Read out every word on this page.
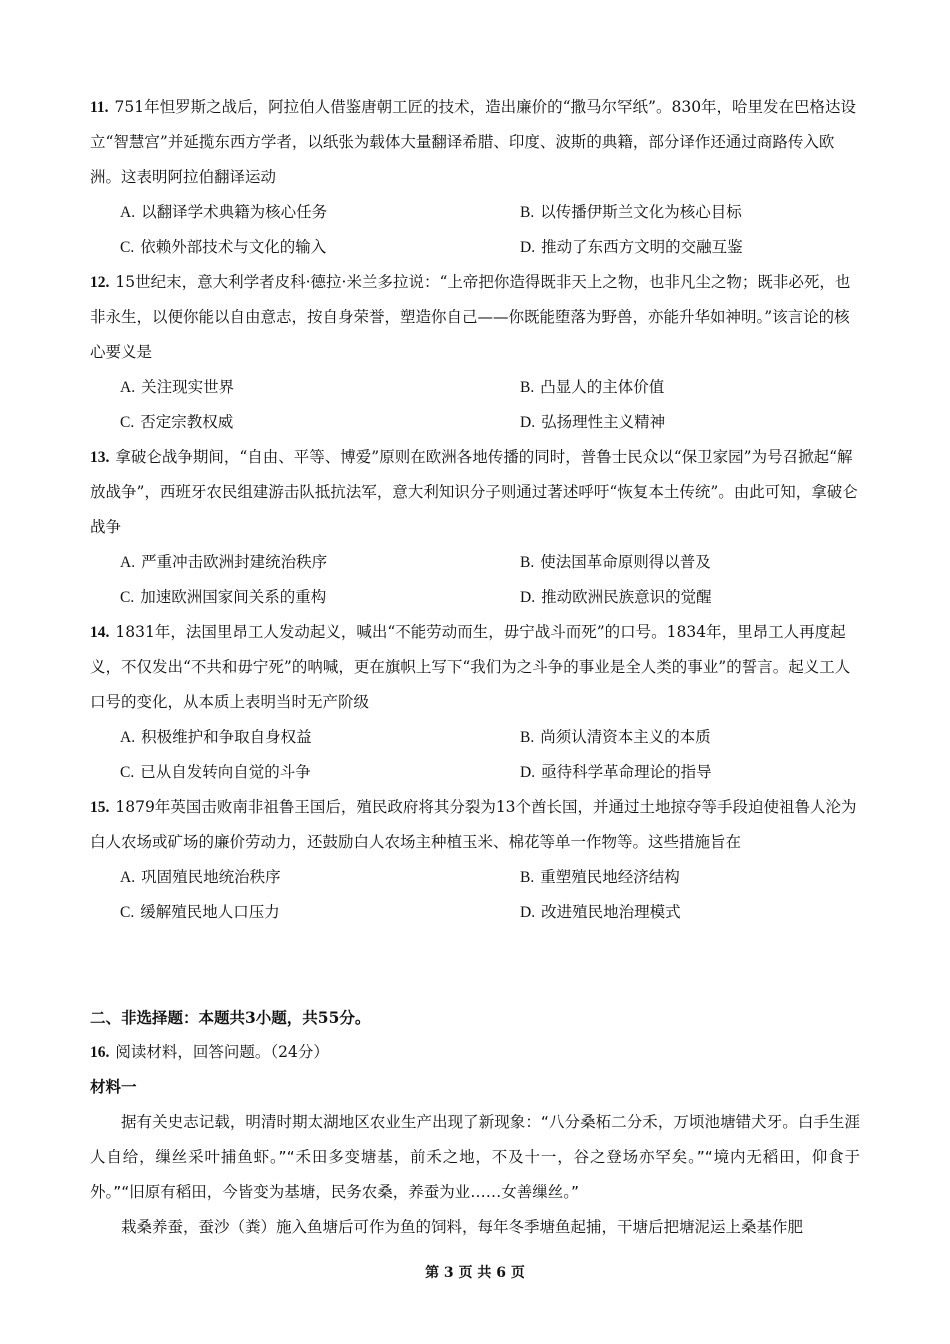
11. 751年怛罗斯之战后，阿拉伯人借鉴唐朝工匠的技术，造出廉价的“撒马尔罕纸”。830年，哈里发在巴格达设立“智慧宫”并延揽东西方学者，以纸张为载体大量翻译希腊、印度、波斯的典籍，部分译作还通过商路传入欧洲。这表明阿拉伯翻译运动

A. 以翻译学术典籍为核心任务	B. 以传播伊斯兰文化为核心目标
C. 依赖外部技术与文化的输入	D. 推动了东西方文明的交融互鉴

12. 15世纪末，意大利学者皮科·德拉·米兰多拉说：“上帝把你造得既非天上之物，也非凡尘之物；既非必死，也非永生，以便你能以自由意志，按自身荣誉，塑造你自己——你既能堕落为野兽，亦能升华如神明。”该言论的核心要义是

A. 关注现实世界	B. 凸显人的主体价值
C. 否定宗教权威	D. 弘扬理性主义精神

13. 拿破仑战争期间，“自由、平等、博爱”原则在欧洲各地传播的同时，普鲁士民众以“保卫家园”为号召掀起“解放战争”，西班牙农民组建游击队抵抗法军，意大利知识分子则通过著述呼吁“恢复本土传统”。由此可知，拿破仑战争

A. 严重冲击欧洲封建统治秩序	B. 使法国革命原则得以普及
C. 加速欧洲国家间关系的重构	D. 推动欧洲民族意识的觉醒

14. 1831年，法国里昂工人发动起义，喊出“不能劳动而生，毋宁战斗而死”的口号。1834年，里昂工人再度起义，不仅发出“不共和毋宁死”的呐喊，更在旗帜上写下“我们为之斗争的事业是全人类的事业”的誓言。起义工人口号的变化，从本质上表明当时无产阶级

A. 积极维护和争取自身权益	B. 尚须认清资本主义的本质
C. 已从自发转向自觉的斗争	D. 亟待科学革命理论的指导

15. 1879年英国击败南非祖鲁王国后，殖民政府将其分裂为13个酋长国，并通过土地掠夺等手段迫使祖鲁人沦为白人农场或矿场的廉价劳动力，还鼓励白人农场主种植玉米、棉花等单一作物等。这些措施旨在

A. 巩固殖民地统治秩序	B. 重塑殖民地经济结构
C. 缓解殖民地人口压力	D. 改进殖民地治理模式
二、非选择题：本题共3小题，共55分。
16. 阅读材料，回答问题。（24分）
材料一

据有关史志记载，明清时期太湖地区农业生产出现了新现象：“八分桑柘二分禾，万顷池塘错犬牙。白手生涯人自给，缫丝采叶捕鱼虾。”“禾田多变塘基，前禾之地，不及十一，谷之登场亦罕矣。”“境内无稻田，仰食于外。”“旧原有稻田，今皆变为基塘，民务农桑，养蚕为业……女善缫丝。”

栽桑养蚕，蚕沙（粪）施入鱼塘后可作为鱼的饲料，每年冬季塘鱼起捕，干塘后把塘泥运上桑基作肥

第 3 页 共 6 页
